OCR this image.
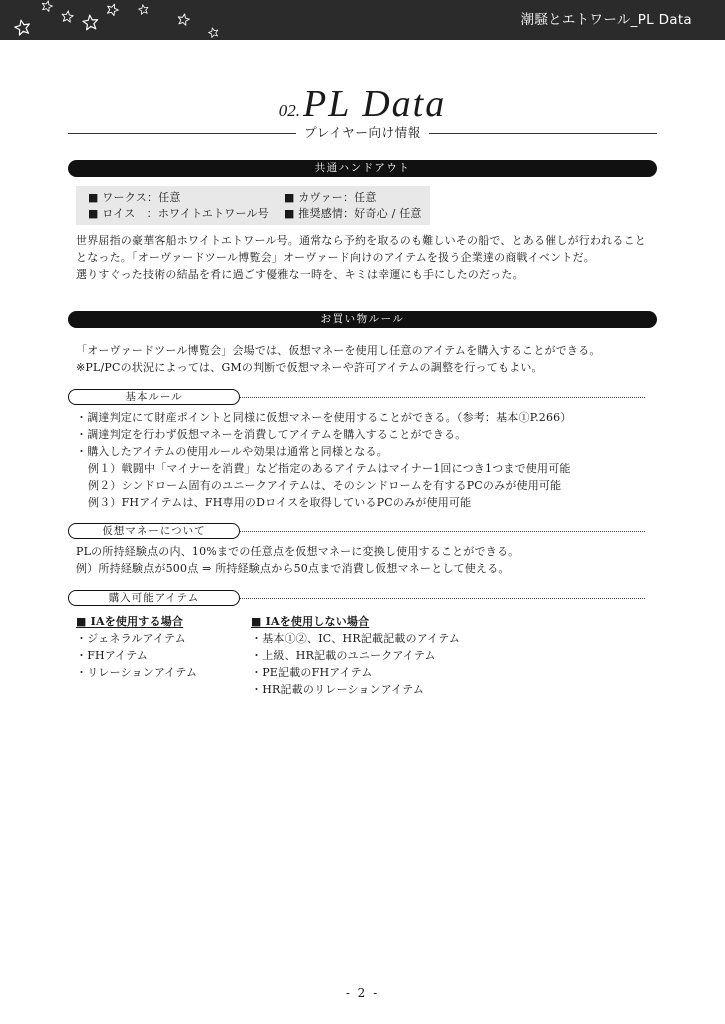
潮騒とエトワール_PL Data
02.PL Data
プレイヤー向け情報
共通ハンドアウト
■ ワークス：任意	■ カヴァー：任意
■ ロイス　：ホワイトエトワール号	■ 推奨感情：好奇心 / 任意
世界屈指の豪華客船ホワイトエトワール号。通常なら予約を取るのも難しいその船で、とある催しが行われること
となった。「オーヴァードツール博覧会」オーヴァード向けのアイテムを扱う企業達の商戦イベントだ。
選りすぐった技術の結晶を肴に過ごす優雅な一時を、キミは幸運にも手にしたのだった。
お買い物ルール
「オーヴァードツール博覧会」会場では、仮想マネーを使用し任意のアイテムを購入することができる。
※PL/PCの状況によっては、GMの判断で仮想マネーや許可アイテムの調整を行ってもよい。
基本ルール
・調達判定にて財産ポイントと同様に仮想マネーを使用することができる。（参考：基本①P.266）
・調達判定を行わず仮想マネーを消費してアイテムを購入することができる。
・購入したアイテムの使用ルールや効果は通常と同様となる。
例１）戦闘中「マイナーを消費」など指定のあるアイテムはマイナー1回につき1つまで使用可能
例２）シンドローム固有のユニークアイテムは、そのシンドロームを有するPCのみが使用可能
例３）FHアイテムは、FH専用のDロイスを取得しているPCのみが使用可能
仮想マネーについて
PLの所持経験点の内、10%までの任意点を仮想マネーに変換し使用することができる。
例）所持経験点が500点 ⇒ 所持経験点から50点まで消費し仮想マネーとして使える。
購入可能アイテム
■ IAを使用する場合
・ジェネラルアイテム
・FHアイテム
・リレーションアイテム
■ IAを使用しない場合
・基本①②、IC、HR記載記載のアイテム
・上級、HR記載のユニークアイテム
・PE記載のFHアイテム
・HR記載のリレーションアイテム
- 2 -
